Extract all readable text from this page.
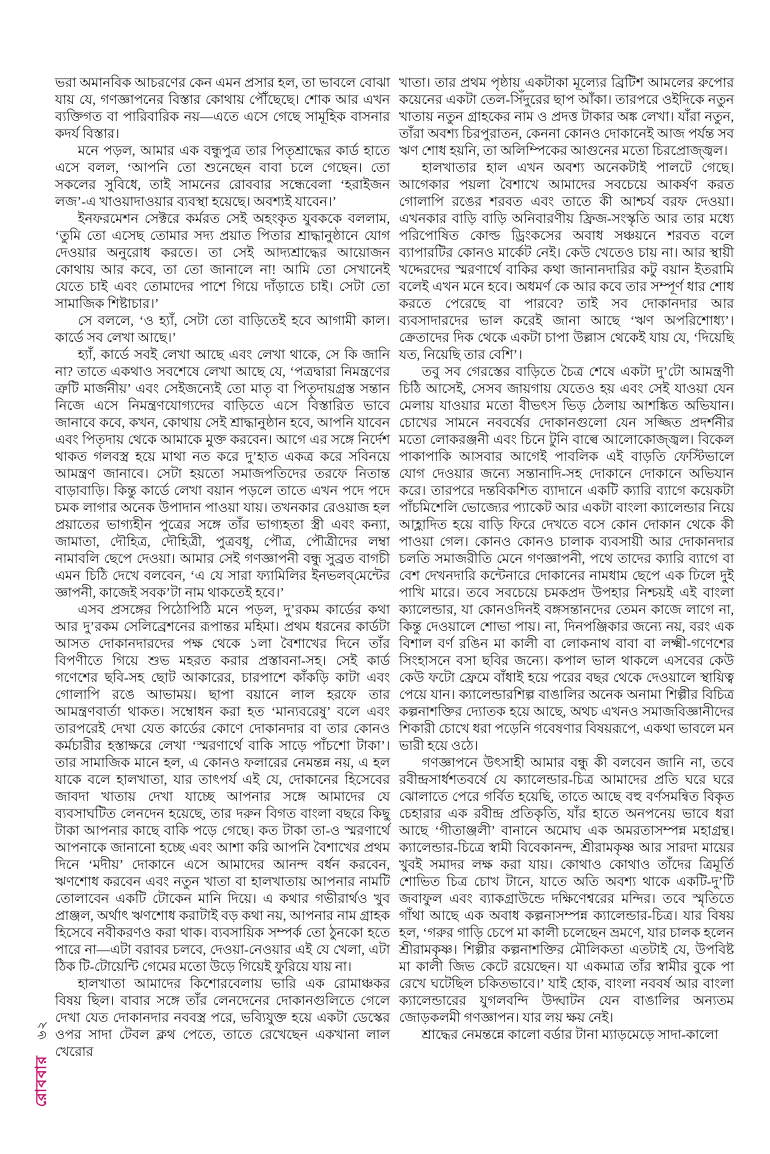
রোববার ৬২

ভরা অমানবিক আচরণের কেন এমন প্রসার হল, তা ভাবলে বোঝা যায় যে, গণজ্ঞাপনের বিস্তার কোথায় পৌঁছেছে। শোক আর এখন ব্যক্তিগত বা পারিবারিক নয়—এতে এসে গেছে সামূহিক বাসনার কদর্য বিস্তার।

মনে পড়ল, আমার এক বন্ধুপুত্র তার পিতৃশ্রাদ্ধের কার্ড হাতে এসে বলল, ‘আপনি তো শুনেছেন বাবা চলে গেছেন। তো সকলের সুবিধে, তাই সামনের রোববার সন্ধেবেলা ‘হরাইজন লজ’-এ খাওয়াদাওয়ার ব্যবস্থা হয়েছে। অবশ্যই যাবেন।’

ইনফরমেশন সেক্টরে কর্মরত সেই অহংকৃত যুবককে বললাম, ‘তুমি তো এসেছ তোমার সদ্য প্রয়াত পিতার শ্রাদ্ধানুষ্ঠানে যোগ দেওয়ার অনুরোধ করতে। তা সেই আদ্যশ্রাদ্ধের আয়োজন কোথায় আর কবে, তা তো জানালে না! আমি তো সেখানেই যেতে চাই এবং তোমাদের পাশে গিয়ে দাঁড়াতে চাই। সেটা তো সামাজিক শিষ্টাচার।’

সে বললে, ‘ও হ্যাঁ, সেটা তো বাড়িতেই হবে আগামী কাল। কার্ডে সব লেখা আছে।’

হ্যাঁ, কার্ডে সবই লেখা আছে এবং লেখা থাকে, সে কি জানি না? তাতে একথাও সবশেষে লেখা আছে যে, ‘পত্রদ্বারা নিমন্ত্রণের ত্রুটি মার্জনীয়’ এবং সেইজন্যেই তো মাতৃ বা পিতৃদায়গ্রস্ত সন্তান নিজে এসে নিমন্ত্রণযোগ্যদের বাড়িতে এসে বিস্তারিত ভাবে জানাবে কবে, কখন, কোথায় সেই শ্রাদ্ধানুষ্ঠান হবে, আপনি যাবেন এবং পিতৃদায় থেকে আমাকে মুক্ত করবেন। আগে এর সঙ্গে নির্দেশ থাকত গলবস্ত্র হয়ে মাথা নত করে দু’হাত একত্র করে সবিনয়ে আমন্ত্রণ জানাবে। সেটা হয়তো সমাজপতিদের তরফে নিতান্ত বাড়াবাড়ি। কিন্তু কার্ডে লেখা বয়ান পড়লে তাতে এখন পদে পদে চমক লাগার অনেক উপাদান পাওয়া যায়। তখনকার রেওয়াজ হল প্রয়াতের ভাগ্যহীন পুত্রের সঙ্গে তাঁর ভাগ্যহতা স্ত্রী এবং কন্যা, জামাতা, দৌহিত্র, দৌহিত্রী, পুত্রবধূ, পৌত্র, পৌত্রীদের লম্বা নামাবলি ছেপে দেওয়া। আমার সেই গণজ্ঞাপনী বন্ধু সুব্রত বাগচী এমন চিঠি দেখে বলবেন, ‘এ যে সারা ফ্যামিলির ইনভলব্‌মেন্টের জ্ঞাপনী, কাজেই সবক’টা নাম থাকতেই হবে।’

এসব প্রসঙ্গের পিঠোপিঠি মনে পড়ল, দু’রকম কার্ডের কথা আর দু’রকম সেলিব্রেশনের রূপান্তর মহিমা। প্রথম ধরনের কার্ডটা আসত দোকানদারদের পক্ষ থেকে ১লা বৈশাখের দিনে তাঁর বিপণীতে গিয়ে শুভ মহরত করার প্রস্তাবনা-সহ। সেই কার্ড গণেশের ছবি-সহ ছোট আকারের, চারপাশে কাঁকড়ি কাটা এবং গোলাপি রঙে আভাময়। ছাপা বয়ানে লাল হরফে তার আমন্ত্রণবার্তা থাকত। সম্বোধন করা হত ‘মান্যবরেষু’ বলে এবং তারপরেই দেখা যেত কার্ডের কোণে দোকানদার বা তার কোনও কর্মচারীর হস্তাক্ষরে লেখা ‘স্মরণার্থে বাকি সাড়ে পাঁচশো টাকা’। তার সামাজিক মানে হল, এ কোনও ফলারের নেমন্তন্ন নয়, এ হল যাকে বলে হালখাতা, যার তাৎপর্য এই যে, দোকানের হিসেবের জাবদা খাতায় দেখা যাচ্ছে আপনার সঙ্গে আমাদের যে ব্যবসাঘটিত লেনদেন হয়েছে, তার দরুন বিগত বাংলা বছরে কিছু টাকা আপনার কাছে বাকি পড়ে গেছে। কত টাকা তা-ও স্মরণার্থে আপনাকে জানানো হচ্ছে এবং আশা করি আপনি বৈশাখের প্রথম দিনে ‘মদীয়’ দোকানে এসে আমাদের আনন্দ বর্ধন করবেন, ঋণশোধ করবেন এবং নতুন খাতা বা হালখাতায় আপনার নামটি তোলাবেন একটি টোকেন মানি দিয়ে। এ কথার গভীরার্থও খুব প্রাঞ্জল, অর্থাৎ ঋণশোধ করাটাই বড় কথা নয়, আপনার নাম গ্রাহক হিসেবে নবীকরণও করা থাক। ব্যবসায়িক সম্পর্ক তো ঠুনকো হতে পারে না—এটা বরাবর চলবে, দেওয়া-নেওয়ার এই যে খেলা, এটা ঠিক টি-টোয়েন্টি গেমের মতো উড়ে গিয়েই ফুরিয়ে যায় না।

হালখাতা আমাদের কিশোরবেলায় ভারি এক রোমাঞ্চকর বিষয় ছিল। বাবার সঙ্গে তাঁর লেনদেনের দোকানগুলিতে গেলে দেখা যেত দোকানদার নববস্ত্র পরে, ভব্যিযুক্ত হয়ে একটা ডেস্কের ওপর সাদা টেবল ক্লথ পেতে, তাতে রেখেছেন একখানা লাল খেরোর

খাতা। তার প্রথম পৃষ্ঠায় একটাকা মূল্যের ব্রিটিশ আমলের রুপোর কয়েনের একটা তেল-সিঁদুরের ছাপ আঁকা। তারপরে ওইদিকে নতুন খাতায় নতুন গ্রাহকের নাম ও প্রদত্ত টাকার অঙ্ক লেখা। যাঁরা নতুন, তাঁরা অবশ্য চিরপুরাতন, কেননা কোনও দোকানেই আজ পর্যন্ত সব ঋণ শোধ হয়নি, তা অলিম্পিকের আগুনের মতো চিরপ্রোজ্জ্বল।

হালখাতার হাল এখন অবশ্য অনেকটাই পালটে গেছে। আগেকার পয়লা বৈশাখে আমাদের সবচেয়ে আকর্ষণ করত গোলাপি রঙের শরবত এবং তাতে কী আশ্চর্য বরফ দেওয়া। এখনকার বাড়ি বাড়ি অনিবারণীয় ফ্রিজ-সংস্কৃতি আর তার মধ্যে পরিপোষিত কোল্ড ড্রিংকসের অবাধ সঞ্চয়নে শরবত বলে ব্যাপারটির কোনও মার্কেট নেই। কেউ খেতেও চায় না। আর স্থায়ী খদ্দেরদের স্মরণার্থে বাকির কথা জানানদারির কটু বয়ান ইতরামি বলেই এখন মনে হবে। অধমর্ণ কে আর কবে তার সম্পূর্ণ ধার শোধ করতে পেরেছে বা পারবে? তাই সব দোকানদার আর ব্যবসাদারদের ভাল করেই জানা আছে ‘ঋণ অপরিশোধ্য’। ক্রেতাদের দিক থেকে একটা চাপা উল্লাস থেকেই যায় যে, ‘দিয়েছি যত, নিয়েছি তার বেশি’।

তবু সব গেরস্তের বাড়িতে চৈত্র শেষে একটা দু’টো আমন্ত্রণী চিঠি আসেই, সেসব জায়গায় যেতেও হয় এবং সেই যাওয়া যেন মেলায় যাওয়ার মতো বীভৎস ভিড় ঠেলায় আশঙ্কিত অভিযান। চোখের সামনে নববর্ষের দোকানগুলো যেন সজ্জিত প্রদর্শনীর মতো লোকরঞ্জনী এবং চিনে টুনি বাল্বে আলোকোজ্জ্বল। বিকেল পাকাপাকি আসবার আগেই পাবলিক এই বাড়তি ফেস্টিভালে যোগ দেওয়ার জন্যে সন্তানাদি-সহ দোকানে দোকানে অভিযান করে। তারপরে দন্তবিকশিত ব্যাদানে একটি ক্যারি ব্যাগে কয়েকটা পাঁচমিশেলি ভোজ্যের প্যাকেট আর একটা বাংলা ক্যালেন্ডার নিয়ে আহ্লাদিত হয়ে বাড়ি ফিরে দেখতে বসে কোন দোকান থেকে কী পাওয়া গেল। কোনও কোনও চালাক ব্যবসায়ী আর দোকানদার চলতি সমাজরীতি মেনে গণজ্ঞাপনী, পথে তাদের ক্যারি ব্যাগে বা বেশ দেখনদারি কন্টেনারে দোকানের নামধাম ছেপে এক ঢিলে দুই পাখি মারে। তবে সবচেয়ে চমকপ্রদ উপহার নিশ্চয়ই এই বাংলা ক্যালেন্ডার, যা কোনওদিনই বঙ্গসন্তানদের তেমন কাজে লাগে না, কিন্তু দেওয়ালে শোভা পায়। না, দিনপঞ্জিকার জন্যে নয়, বরং এক বিশাল বর্ণ রঙিন মা কালী বা লোকনাথ বাবা বা লক্ষ্মী-গণেশের সিংহাসনে বসা ছবির জন্যে। কপাল ভাল থাকলে এসবের কেউ কেউ ফটো ফ্রেমে বাঁধাই হয়ে পরের বছর থেকে দেওয়ালে স্থায়িত্ব পেয়ে যান। ক্যালেন্ডারশিল্প বাঙালির অনেক অনামা শিল্পীর বিচিত্র কল্পনাশক্তির দ্যোতক হয়ে আছে, অথচ এখনও সমাজবিজ্ঞানীদের শিকারী চোখে ধরা পড়েনি গবেষণার বিষয়রূপে, একথা ভাবলে মন ভারী হয়ে ওঠে।

গণজ্ঞাপনে উৎসাহী আমার বন্ধু কী বলবেন জানি না, তবে রবীন্দ্রসার্ধশতবর্ষে যে ক্যালেন্ডার-চিত্র আমাদের প্রতি ঘরে ঘরে ঝোলাতে পেরে গর্বিত হয়েছি, তাতে আছে বহু বর্ণসমন্বিত বিকৃত চেহারার এক রবীন্দ্র প্রতিকৃতি, যাঁর হাতে অনপনেয় ভাবে ধরা আছে ‘গীতাঞ্জলী’ বানানে অমোঘ এক অমরতাসম্পন্ন মহাগ্রন্থ। ক্যালেন্ডার-চিত্রে স্বামী বিবেকানন্দ, শ্রীরামকৃষ্ণ আর সারদা মায়ের খুবই সমাদর লক্ষ করা যায়। কোথাও কোথাও তাঁদের ত্রিমূর্তি শোভিত চিত্র চোখ টানে, যাতে অতি অবশ্য থাকে একটি-দু’টি জবাফুল এবং ব্যাকগ্রাউন্ডে দক্ষিণেশ্বরের মন্দির। তবে স্মৃতিতে গাঁথা আছে এক অবাধ কল্পনাসম্পন্ন ক্যালেন্ডার-চিত্র। যার বিষয় হল, ‘গরুর গাড়ি চেপে মা কালী চলেছেন ভ্রমণে, যার চালক হলেন শ্রীরামকৃষ্ণ। শিল্পীর কল্পনাশক্তির মৌলিকতা এতটাই যে, উপবিষ্ট মা কালী জিভ কেটে রয়েছেন। যা একমাত্র তাঁর স্বামীর বুকে পা রেখে ঘটেছিল চকিতভাবে।’ যাই হোক, বাংলা নববর্ষ আর বাংলা ক্যালেন্ডারের যুগলবন্দি উদ্ঘাটন যেন বাঙালির অন্যতম জোড়কলমী গণজ্ঞাপন। যার লয় ক্ষয় নেই।

শ্রাদ্ধের নেমন্তন্নে কালো বর্ডার টানা ম্যাড়মেড়ে সাদা-কালো
